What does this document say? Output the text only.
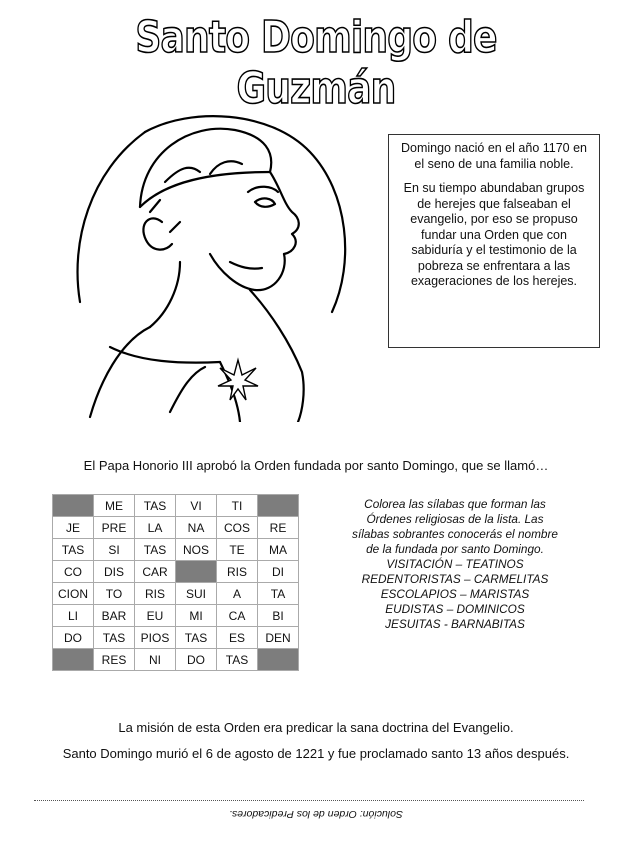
Santo Domingo de Guzmán

Domingo nació en el año 1170 en el seno de una familia noble.

En su tiempo abundaban grupos de herejes que falseaban el evangelio, por eso se propuso fundar una Orden que con sabiduría y el testimonio de la pobreza se enfrentara a las exageraciones de los herejes.

El Papa Honorio III aprobó la Orden fundada por santo Domingo, que se llamó…
	ME	TAS	VI	TI	
JE	PRE	LA	NA	COS	RE
TAS	SI	TAS	NOS	TE	MA
CO	DIS	CAR		RIS	DI
CION	TO	RIS	SUI	A	TA
LI	BAR	EU	MI	CA	BI
DO	TAS	PIOS	TAS	ES	DEN
	RES	NI	DO	TAS	
Colorea las sílabas que forman las Órdenes religiosas de la lista. Las sílabas sobrantes conocerás el nombre de la fundada por santo Domingo.
VISITACIÓN – TEATINOS
REDENTORISTAS – CARMELITAS
ESCOLAPIOS – MARISTAS
EUDISTAS – DOMINICOS
JESUITAS - BARNABITAS
La misión de esta Orden era predicar la sana doctrina del Evangelio.
Santo Domingo murió el 6 de agosto de 1221 y fue proclamado santo 13 años después.
Solución: Orden de los Predicadores.
